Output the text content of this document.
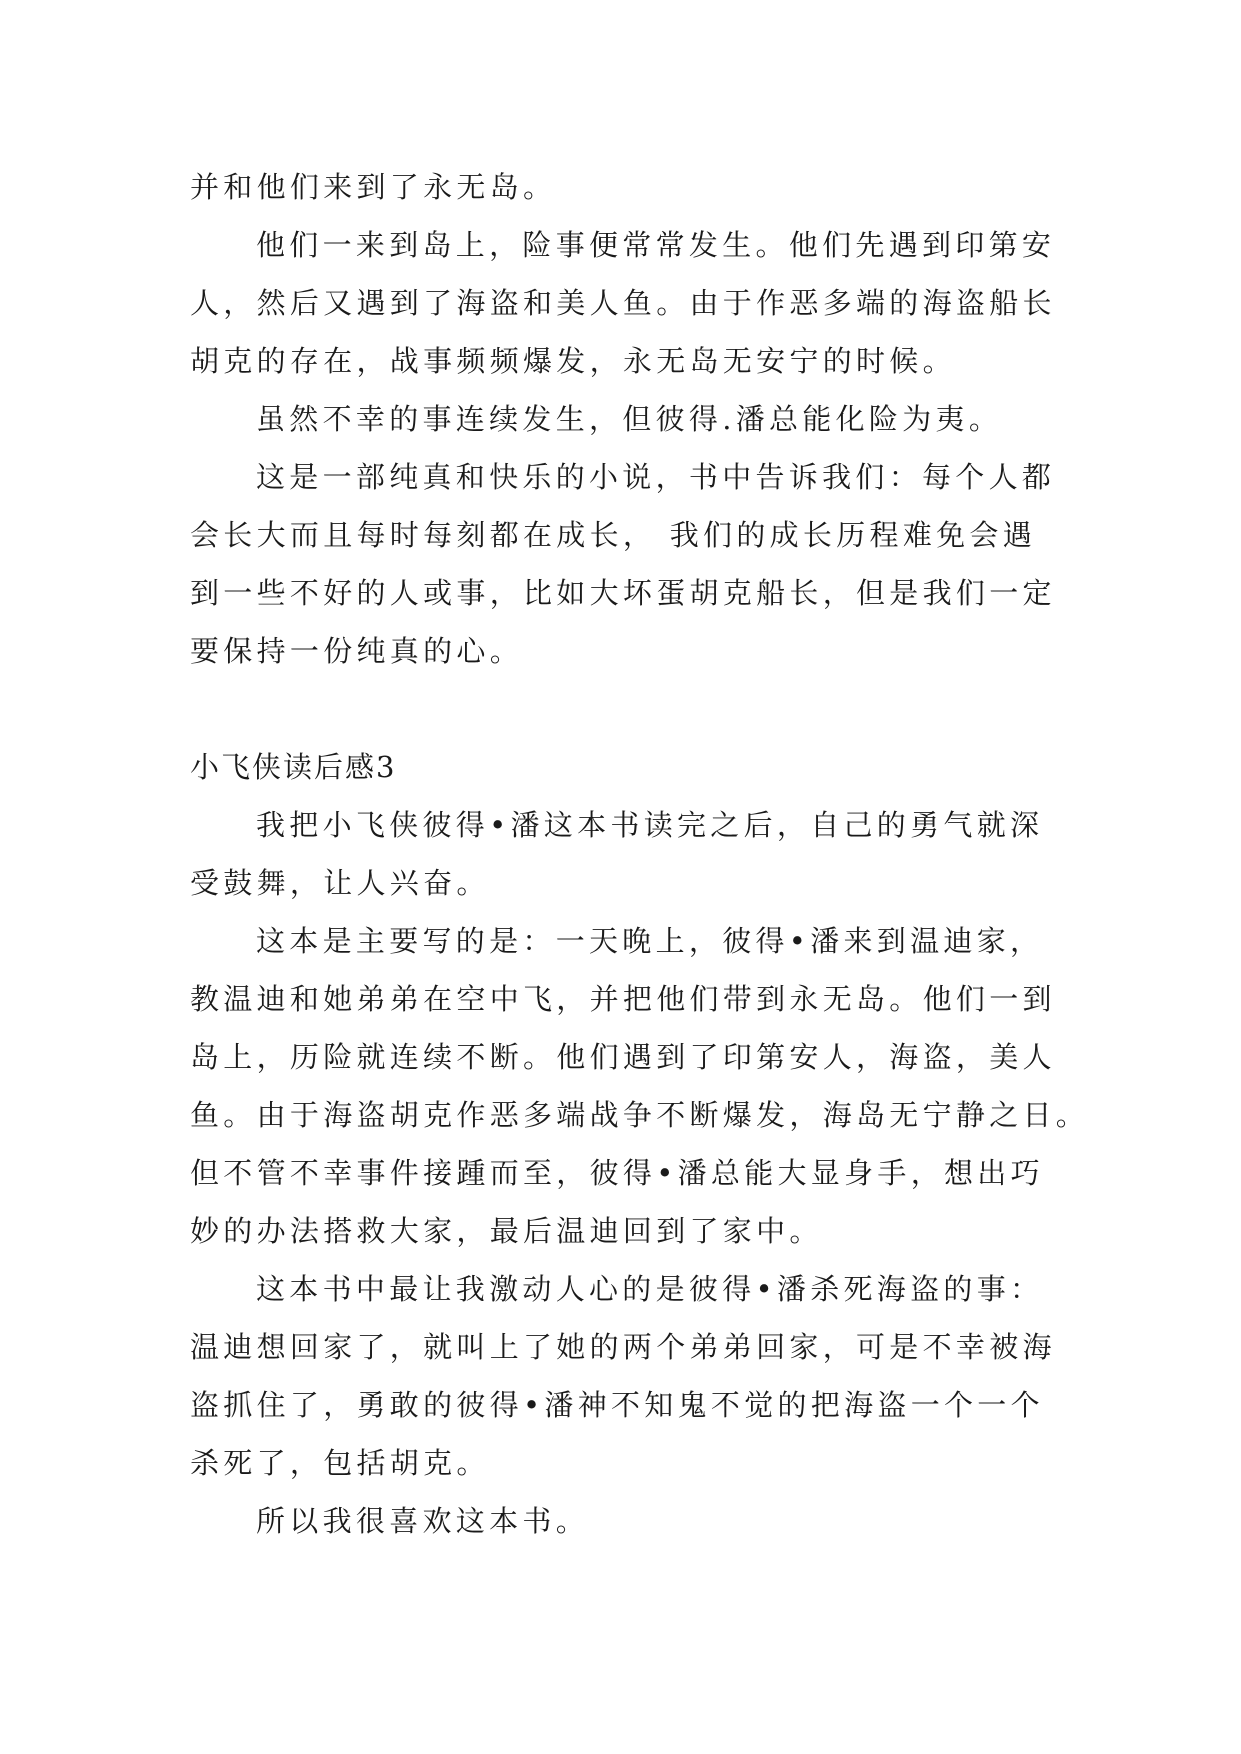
并和他们来到了永无岛。
他们一来到岛上，险事便常常发生。他们先遇到印第安
人，然后又遇到了海盗和美人鱼。由于作恶多端的海盗船长
胡克的存在，战事频频爆发，永无岛无安宁的时候。
虽然不幸的事连续发生，但彼得.潘总能化险为夷。
这是一部纯真和快乐的小说，书中告诉我们：每个人都
会长大而且每时每刻都在成长， 我们的成长历程难免会遇
到一些不好的人或事，比如大坏蛋胡克船长，但是我们一定
要保持一份纯真的心。
小飞侠读后感3
我把小飞侠彼得•潘这本书读完之后，自己的勇气就深
受鼓舞，让人兴奋。
这本是主要写的是：一天晚上，彼得•潘来到温迪家，
教温迪和她弟弟在空中飞，并把他们带到永无岛。他们一到
岛上，历险就连续不断。他们遇到了印第安人，海盗，美人
鱼。由于海盗胡克作恶多端战争不断爆发，海岛无宁静之日。
但不管不幸事件接踵而至，彼得•潘总能大显身手，想出巧
妙的办法搭救大家，最后温迪回到了家中。
这本书中最让我激动人心的是彼得•潘杀死海盗的事：
温迪想回家了，就叫上了她的两个弟弟回家，可是不幸被海
盗抓住了，勇敢的彼得•潘神不知鬼不觉的把海盗一个一个
杀死了，包括胡克。
所以我很喜欢这本书。
